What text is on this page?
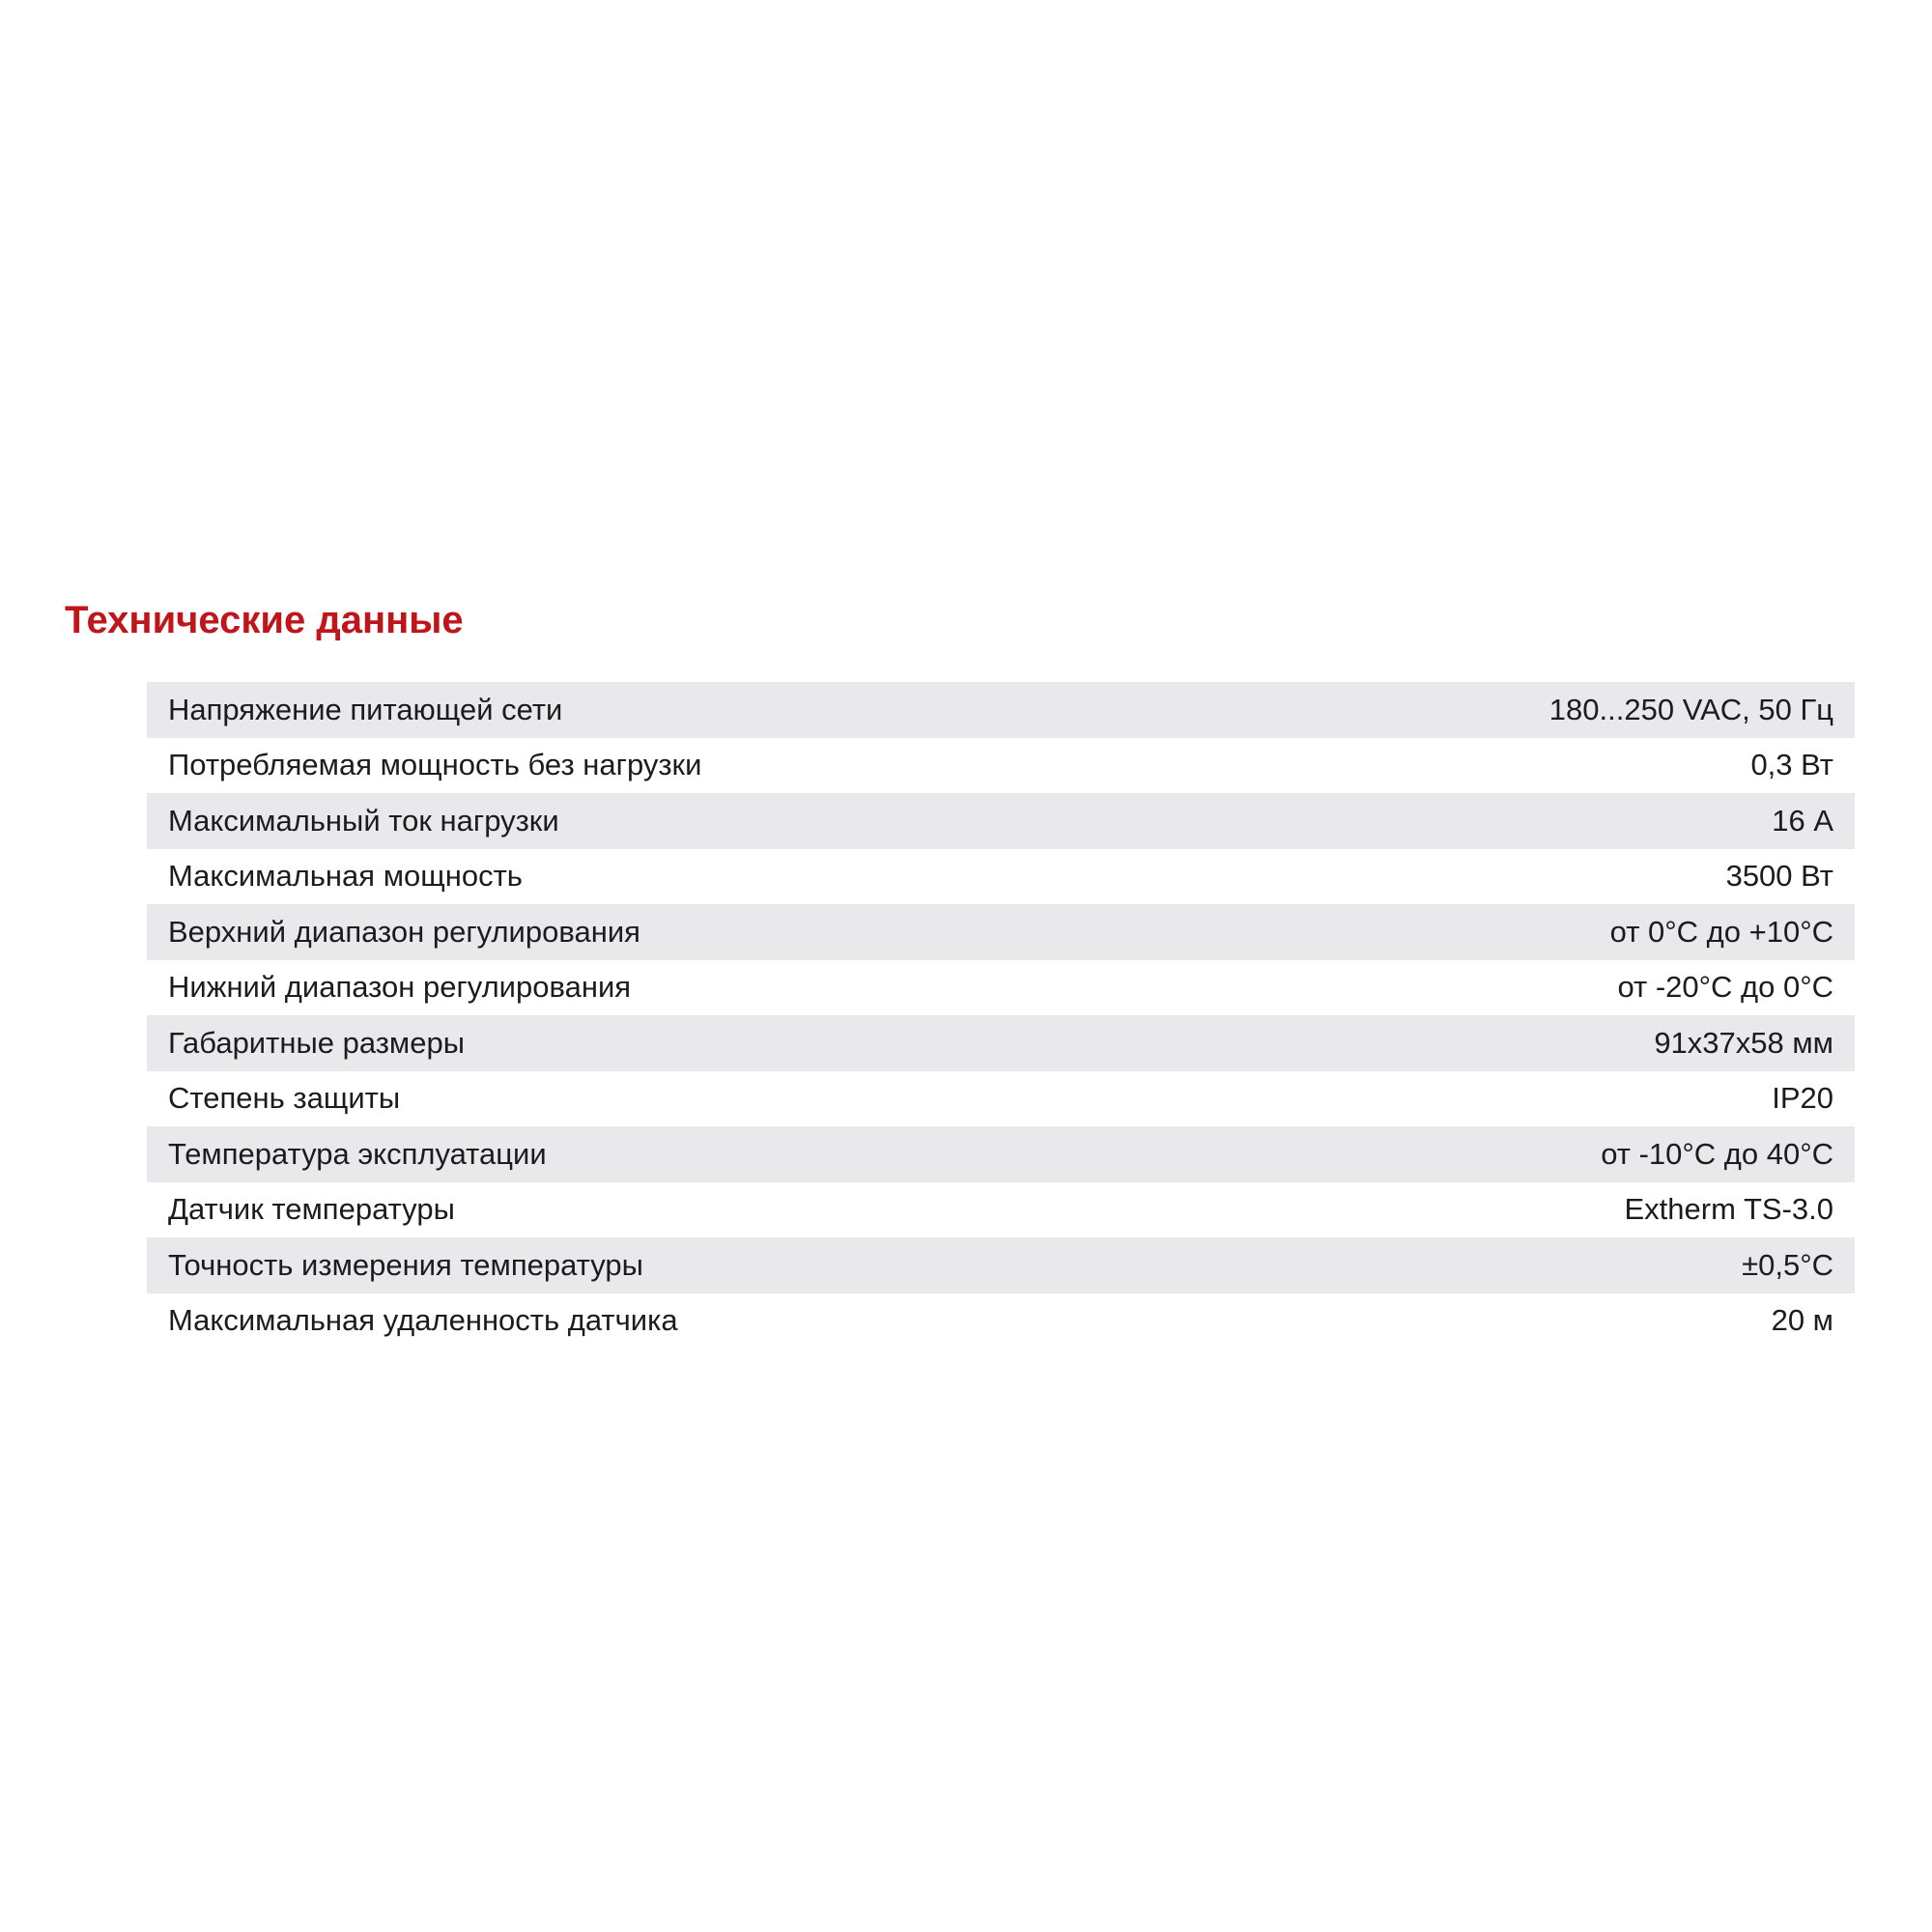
Технические данные
Напряжение питающей сети	180...250 VAC, 50 Гц
Потребляемая мощность без нагрузки	0,3 Вт
Максимальный ток нагрузки	16 А
Максимальная мощность	3500 Вт
Верхний диапазон регулирования	от 0°С до +10°С
Нижний диапазон регулирования	от -20°С до 0°С
Габаритные размеры	91х37х58 мм
Степень защиты	IP20
Температура эксплуатации	от -10°С до 40°С
Датчик температуры	Extherm TS-3.0
Точность измерения температуры	±0,5°С
Максимальная удаленность датчика	20 м
